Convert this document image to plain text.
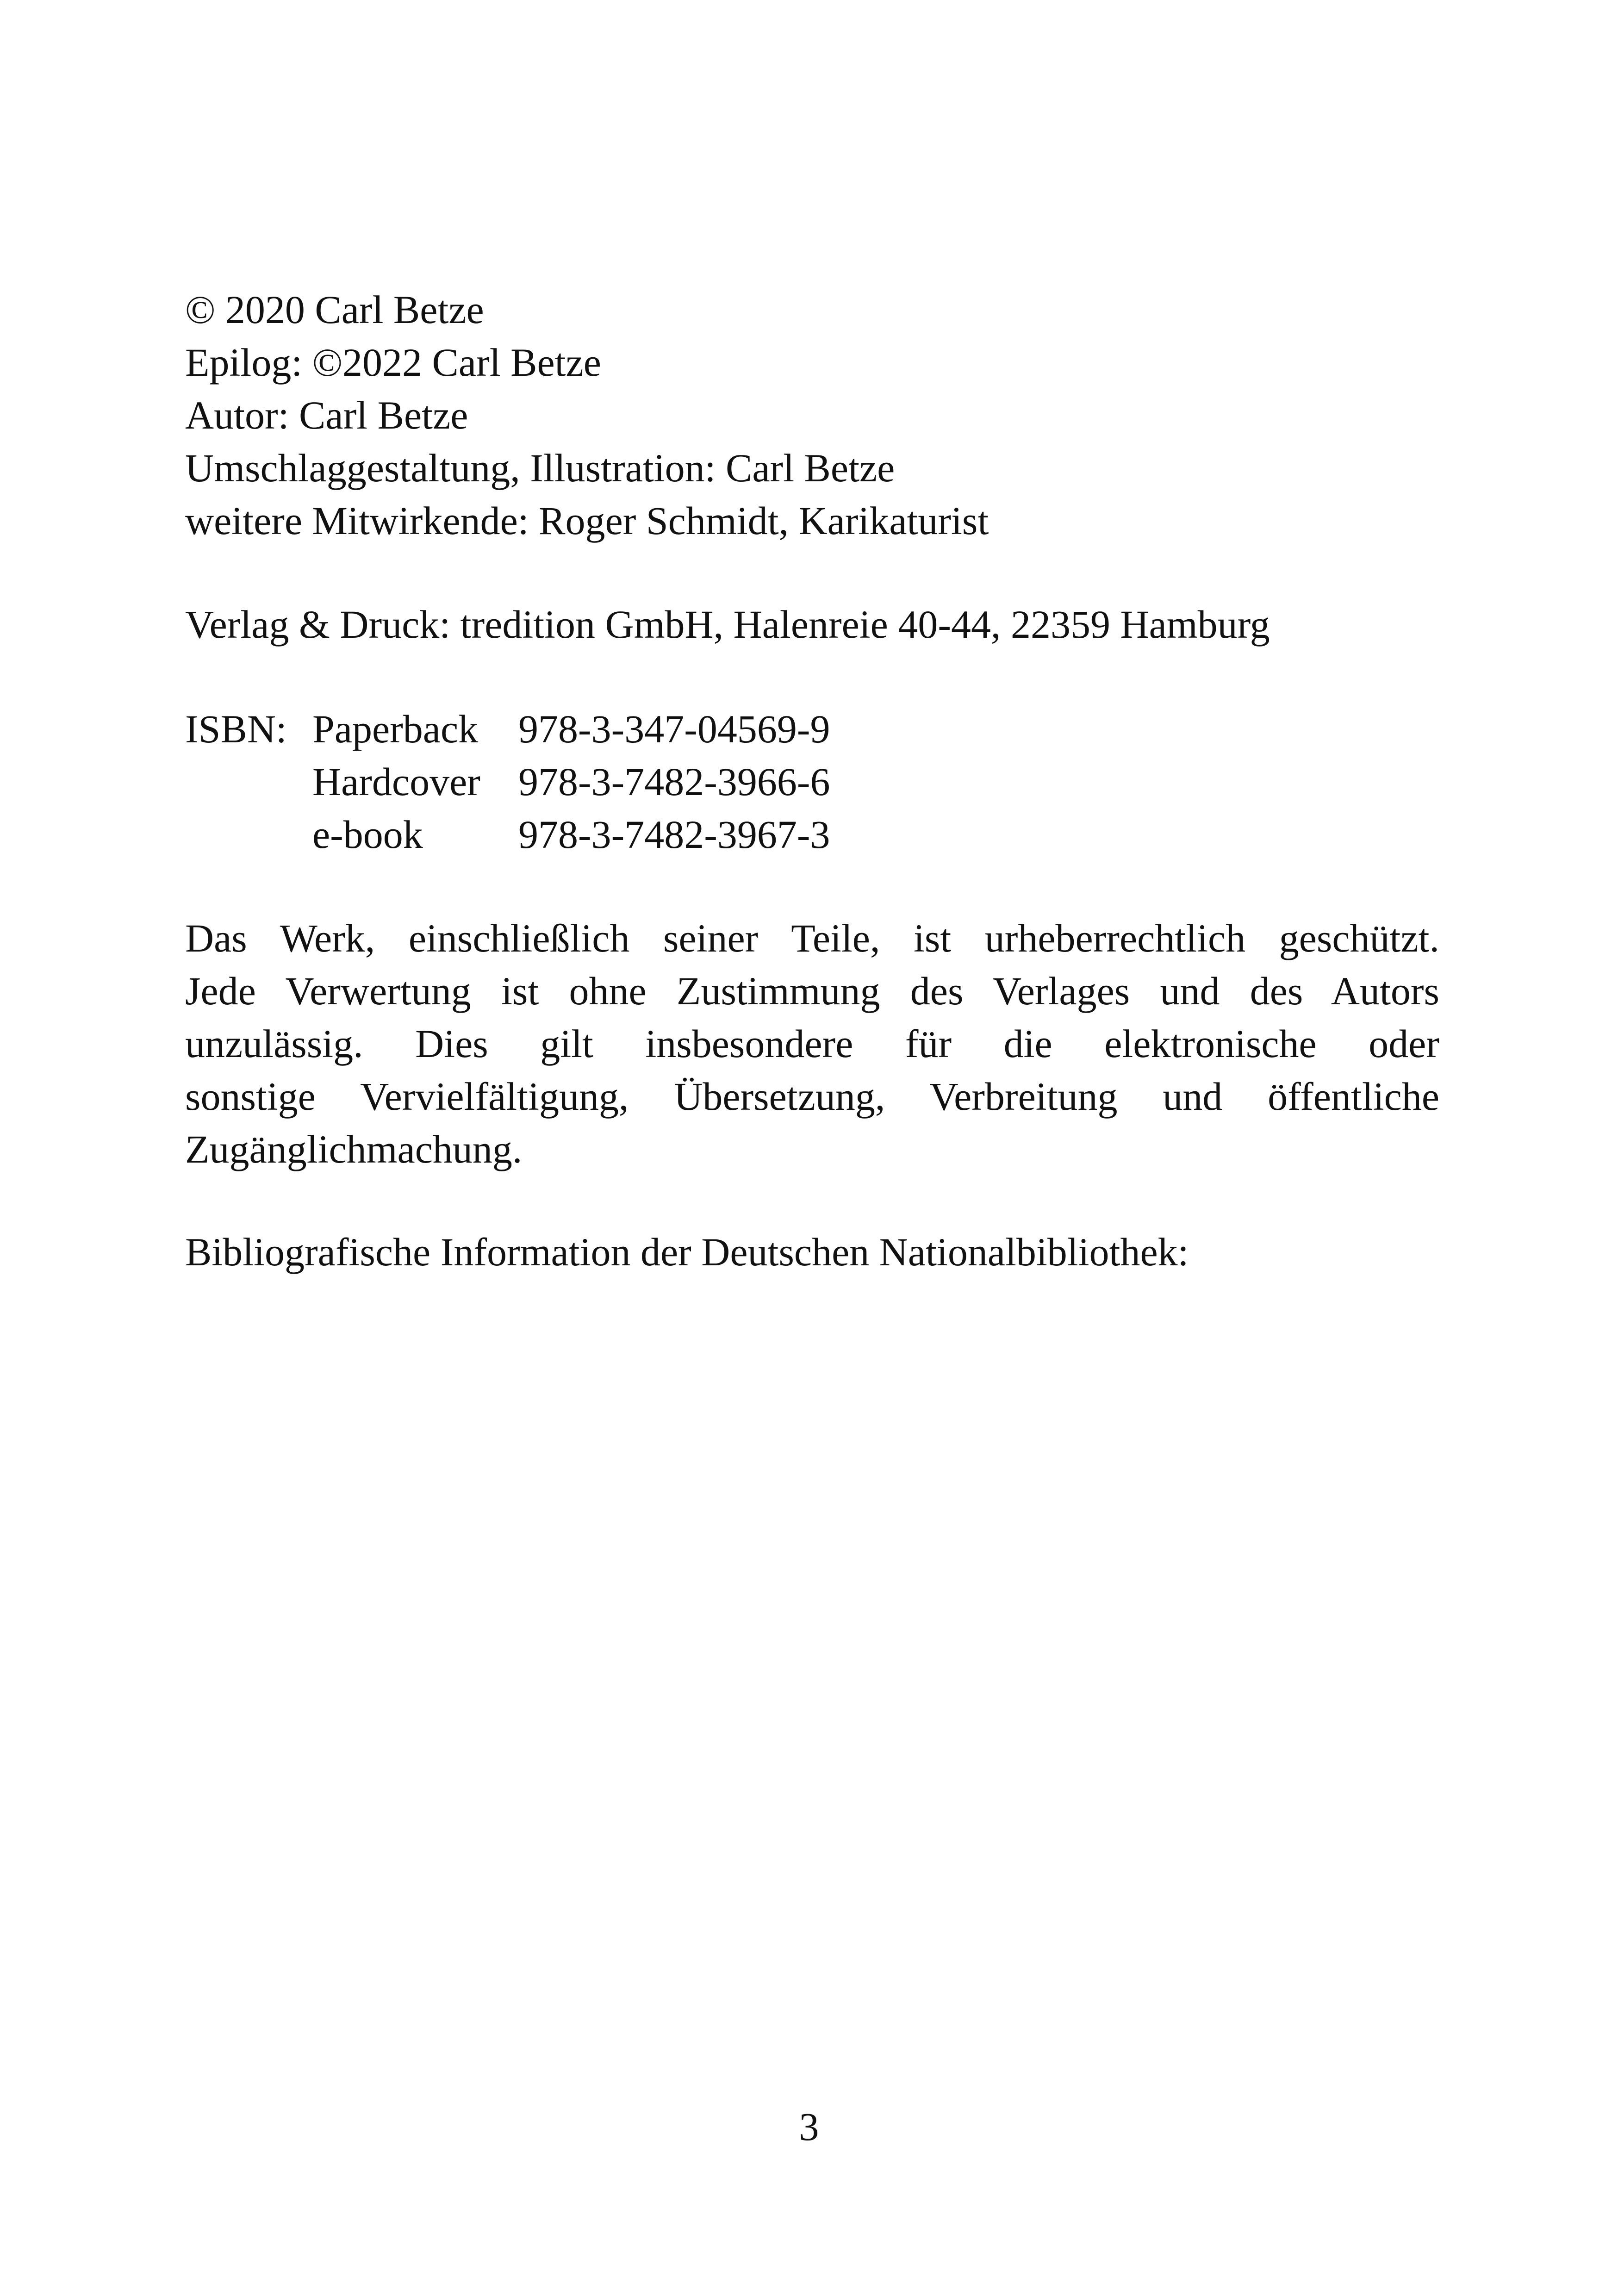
© 2020 Carl Betze
Epilog: ©2022 Carl Betze
Autor: Carl Betze
Umschlaggestaltung, Illustration: Carl Betze
weitere Mitwirkende: Roger Schmidt, Karikaturist
Verlag & Druck: tredition GmbH, Halenreie 40-44, 22359 Hamburg
ISBN: Paperback	978-3-347-04569-9
Hardcover 978-3-7482-3966-6
e-book	978-3-7482-3967-3
Das Werk, einschließlich seiner Teile, ist urheberrechtlich geschützt.
Jede Verwertung ist ohne Zustimmung des Verlages und des Autors
unzulässig. Dies gilt insbesondere für die elektronische oder
sonstige Vervielfältigung, Übersetzung, Verbreitung und öffentliche
Zugänglichmachung.
Bibliografische Information der Deutschen Nationalbibliothek:
3
